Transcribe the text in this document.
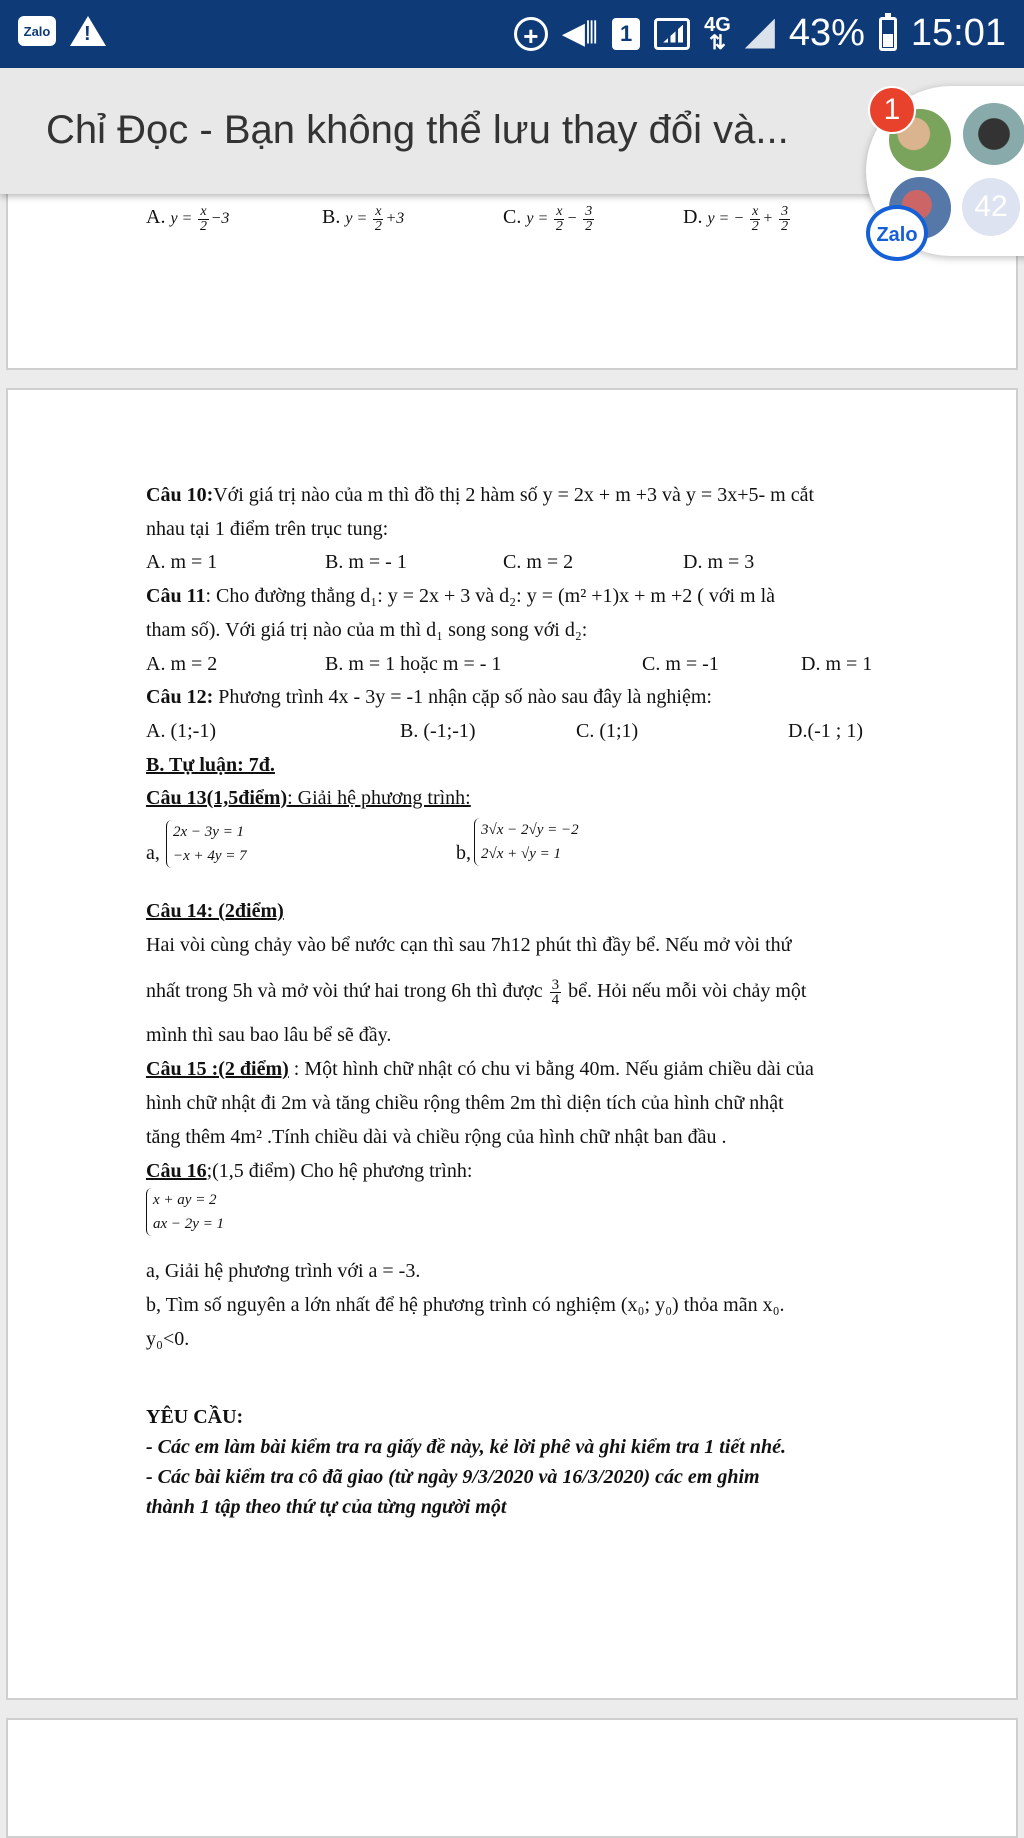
Zalo
!	+ ◀⦀ 1	4G
⇅ 43% 15:01
A. $y = \frac{x}{2} -3$	B. $y = \frac{x}{2} +3$	C. $y = \frac{x}{2} - \frac{3}{2}$	D. y = − $\frac{x}{2} + \frac{3}{2}$
Câu 10:Với giá trị nào của m thì đồ thị 2 hàm số y = 2x + m +3 và y = 3x+5- m cắt
nhau tại 1 điểm trên trục tung:
A. m = 1	B. m = - 1	C. m = 2	D. m = 3
Câu 11: Cho đường thẳng d₁: y = 2x + 3 và d₂: y = (m² +1)x + m +2 ( với m là
tham số). Với giá trị nào của m thì d₁ song song với d₂:
A. m = 2	B. m = 1 hoặc m = - 1	C. m = -1	D. m = 1
Câu 12: Phương trình 4x - 3y = -1 nhận cặp số nào sau đây là nghiệm:
A. (1;-1)	B. (-1;-1)	C. (1;1)	D.(-1 ; 1)
B. Tự luận: 7đ.
Câu 13(1,5điểm): Giải hệ phương trình:
a,
2x − 3y = 1
−x + 4y = 7	b,
3√x − 2√y = −2
2√x + √y = 1
Câu 14: (2điểm)
Hai vòi cùng chảy vào bể nước cạn thì sau 7h12 phút thì đầy bể. Nếu mở vòi thứ
nhất trong 5h và mở vòi thứ hai trong 6h thì được $\frac{3}{4}$ bể. Hỏi nếu mỗi vòi chảy một
mình thì sau bao lâu bể sẽ đầy.
Câu 15 :(2 điểm) : Một hình chữ nhật có chu vi bằng 40m. Nếu giảm chiều dài của
hình chữ nhật đi 2m và tăng chiều rộng thêm 2m thì diện tích của hình chữ nhật
tăng thêm 4m² .Tính chiều dài và chiều rộng của hình chữ nhật ban đầu .
Câu 16;(1,5 điểm) Cho hệ phương trình:
x + ay = 2
ax − 2y = 1
a, Giải hệ phương trình với a = -3.
b, Tìm số nguyên a lớn nhất để hệ phương trình có nghiệm (x₀; y₀) thỏa mãn x₀.
y₀<0.
YÊU CẦU:
- Các em làm bài kiểm tra ra giấy đề này, kẻ lời phê và ghi kiểm tra 1 tiết nhé.
- Các bài kiểm tra cô đã giao (từ ngày 9/3/2020 và 16/3/2020) các em ghim
thành 1 tập theo thứ tự của từng người một
Chỉ Đọc - Bạn không thể lưu thay đổi và...
42
1
Zalo
